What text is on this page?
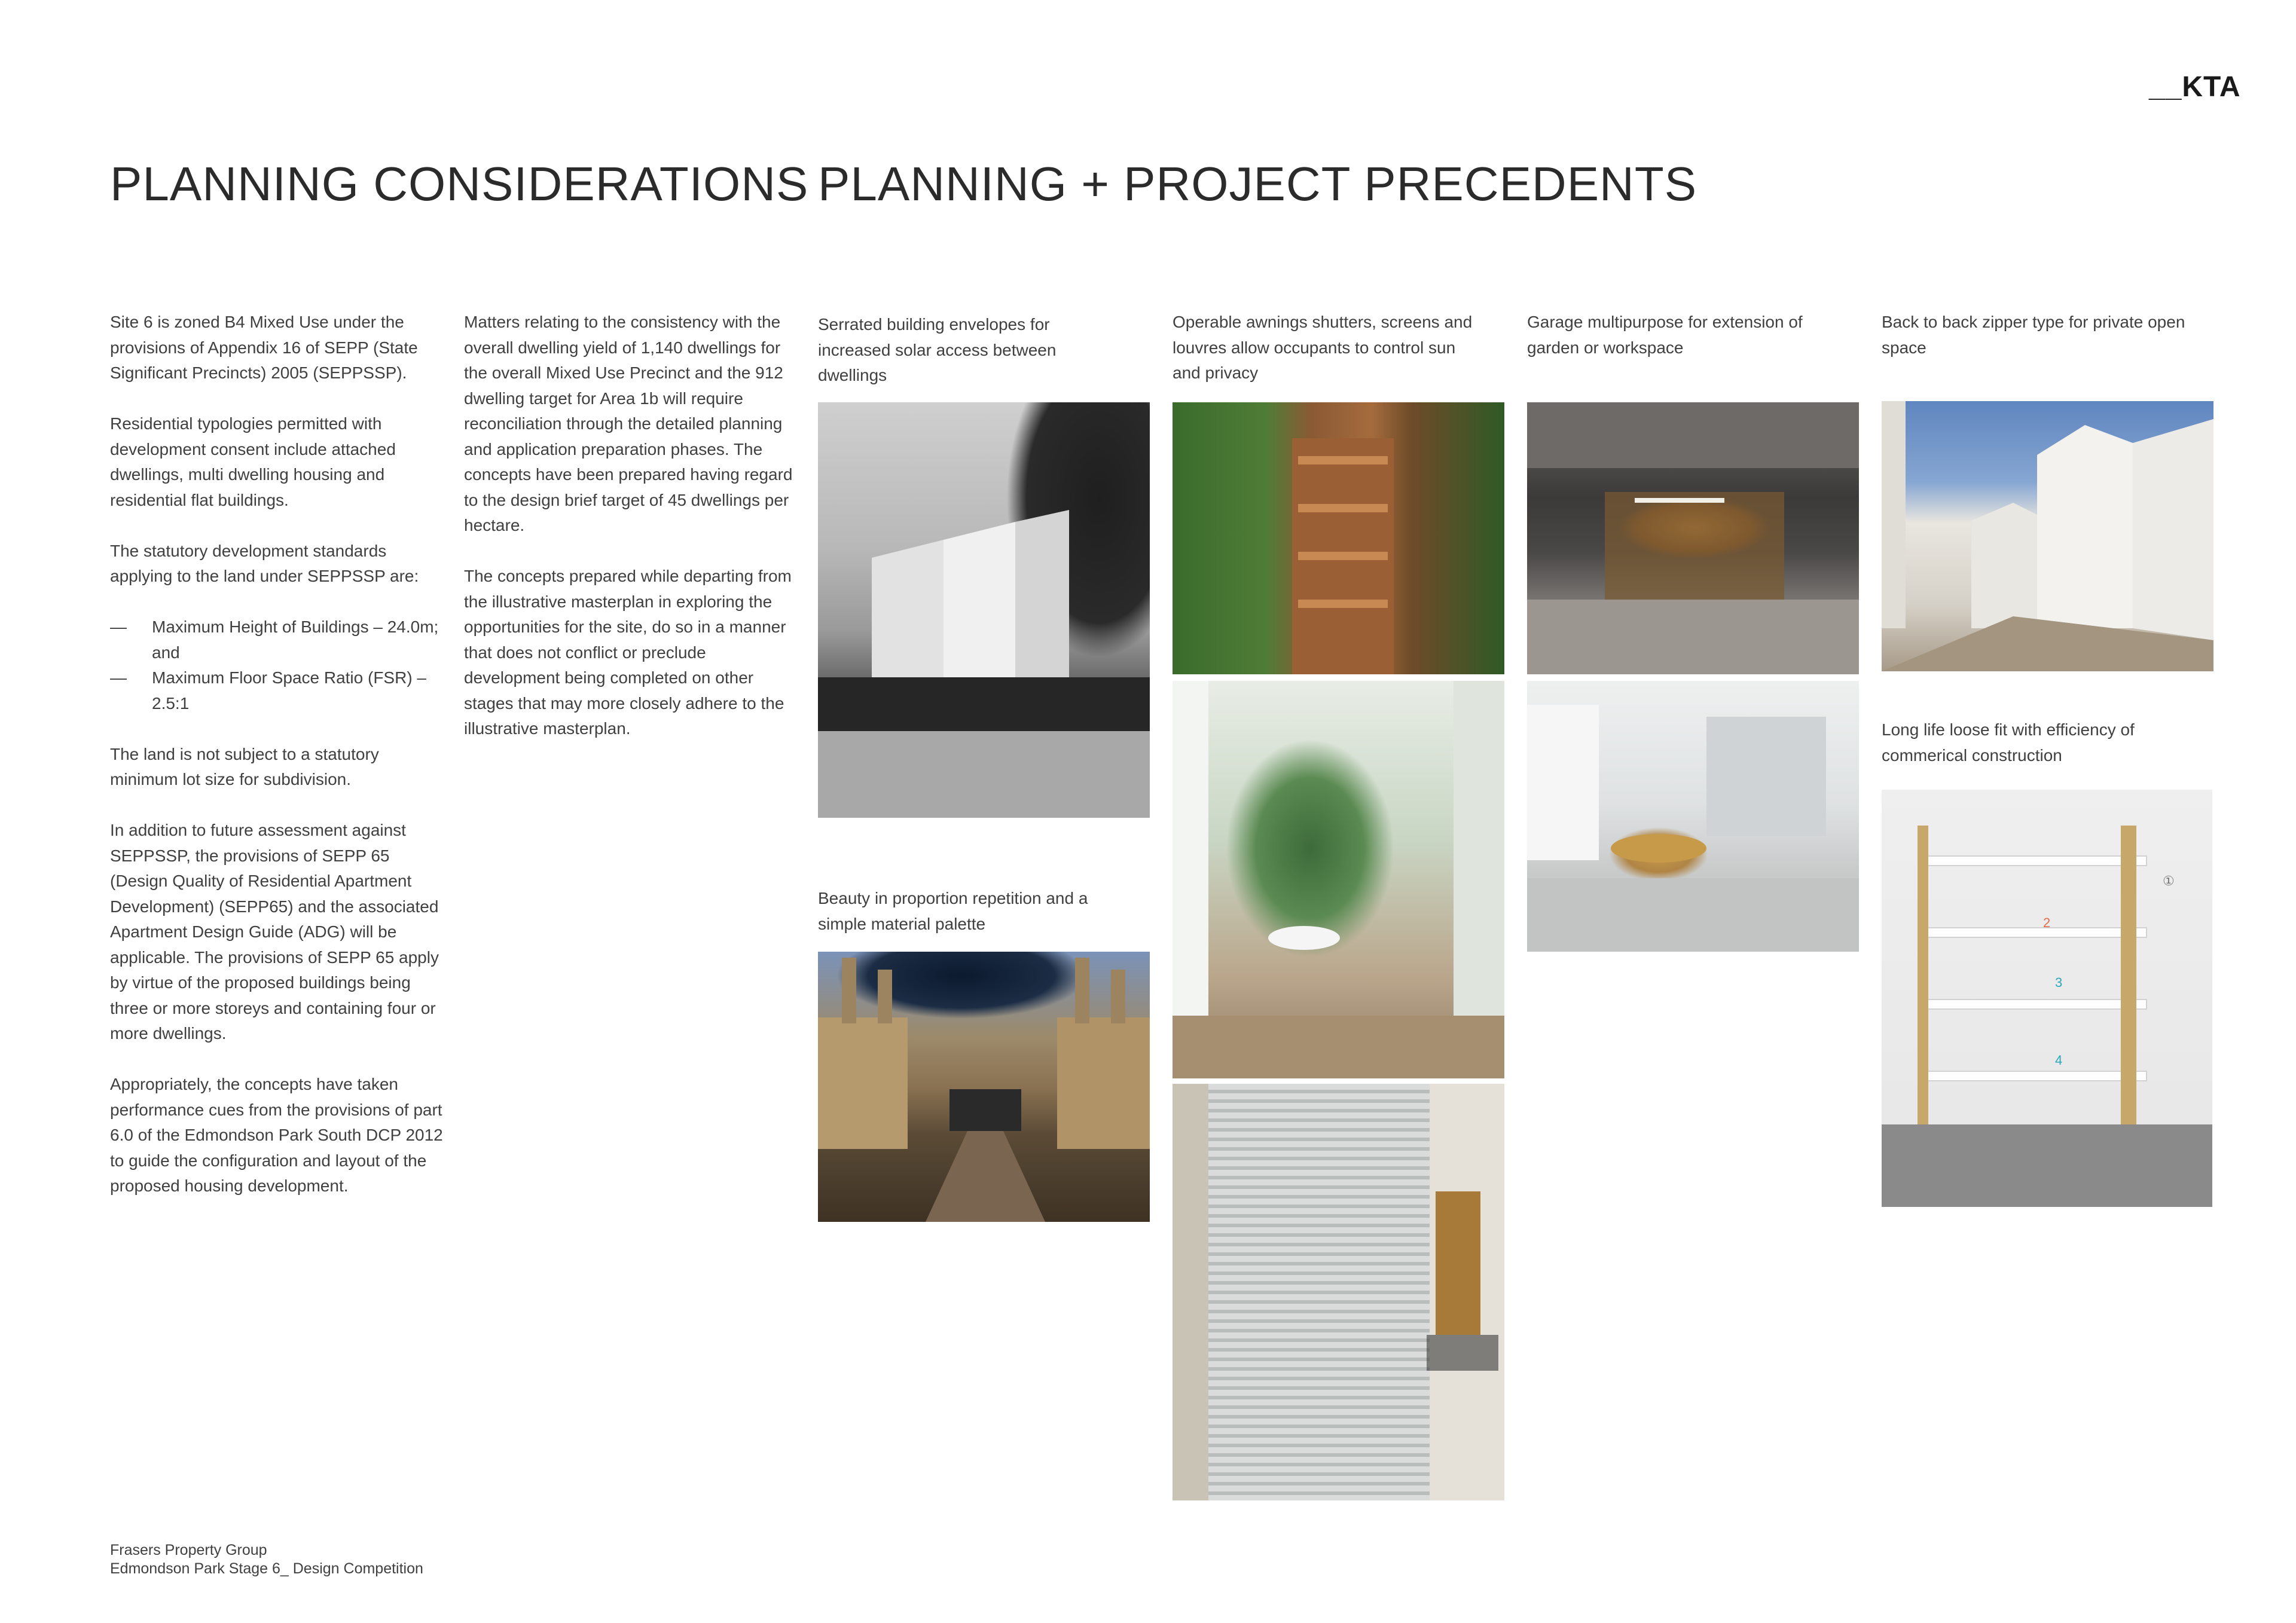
__KTA
PLANNING CONSIDERATIONS PLANNING + PROJECT PRECEDENTS

Site 6 is zoned B4 Mixed Use under the provisions of Appendix 16 of SEPP (State Significant Precincts) 2005 (SEPPSSP).

Residential typologies permitted with development consent include attached dwellings, multi dwelling housing and residential flat buildings.

The statutory development standards applying to the land under SEPPSSP are:

— Maximum Height of Buildings – 24.0m; and
— Maximum Floor Space Ratio (FSR) – 2.5:1

The land is not subject to a statutory minimum lot size for subdivision.

In addition to future assessment against SEPPSSP, the provisions of SEPP 65 (Design Quality of Residential Apartment Development) (SEPP65) and the associated Apartment Design Guide (ADG) will be applicable. The provisions of SEPP 65 apply by virtue of the proposed buildings being three or more storeys and containing four or more dwellings.

Appropriately, the concepts have taken performance cues from the provisions of part 6.0 of the Edmondson Park South DCP 2012 to guide the configuration and layout of the proposed housing development.

Matters relating to the consistency with the overall dwelling yield of 1,140 dwellings for the overall Mixed Use Precinct and the 912 dwelling target for Area 1b will require reconciliation through the detailed planning and application preparation phases. The concepts have been prepared having regard to the design brief target of 45 dwellings per hectare.

The concepts prepared while departing from the illustrative masterplan in exploring the opportunities for the site, do so in a manner that does not conflict or preclude development being completed on other stages that may more closely adhere to the illustrative masterplan.

Serrated building envelopes for increased solar access between dwellings
Beauty in proportion repetition and a simple material palette
Operable awnings shutters, screens and louvres allow occupants to control sun and privacy
Garage multipurpose for extension of garden or workspace
Back to back zipper type for private open space
Long life loose fit with efficiency of commerical construction
①
2
3
4
Frasers Property Group
Edmondson Park Stage 6_ Design Competition
